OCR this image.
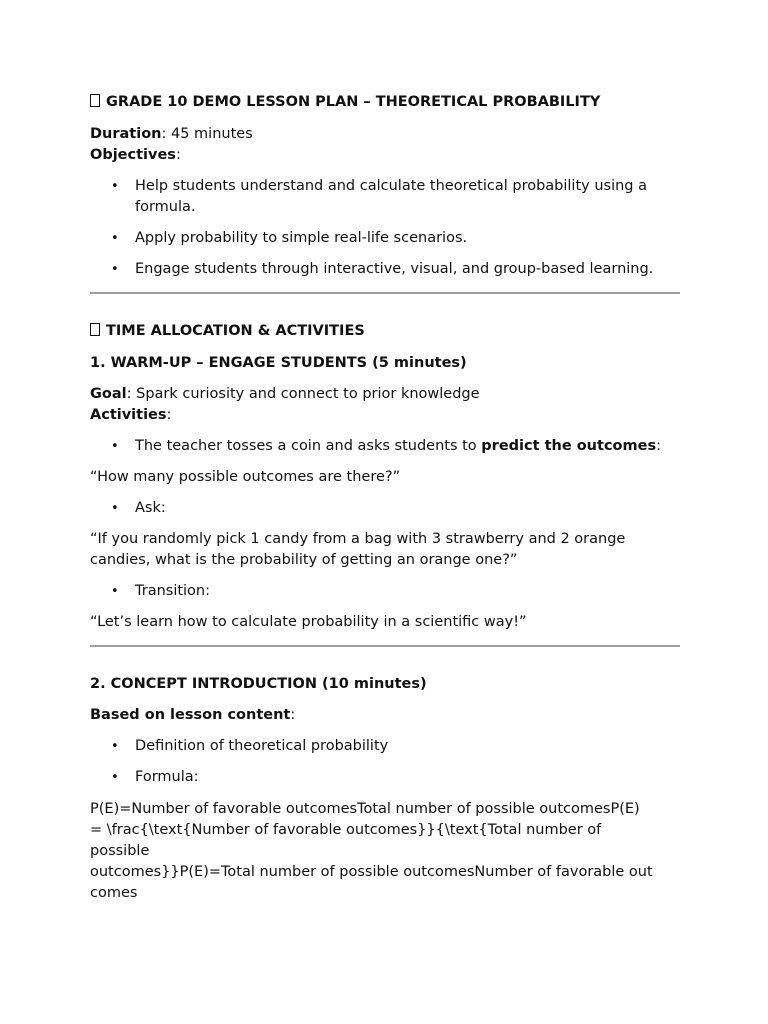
GRADE 10 DEMO LESSON PLAN – THEORETICAL PROBABILITY

Duration: 45 minutes

Objectives:

• Help students understand and calculate theoretical probability using a formula.
• Apply probability to simple real-life scenarios.
• Engage students through interactive, visual, and group-based learning.

TIME ALLOCATION & ACTIVITIES

1. WARM-UP – ENGAGE STUDENTS (5 minutes)

Goal: Spark curiosity and connect to prior knowledge

Activities:

• The teacher tosses a coin and asks students to predict the outcomes:

“How many possible outcomes are there?”

• Ask:

“If you randomly pick 1 candy from a bag with 3 strawberry and 2 orange candies, what is the probability of getting an orange one?”

• Transition:

“Let’s learn how to calculate probability in a scientific way!”

2. CONCEPT INTRODUCTION (10 minutes)

Based on lesson content:

• Definition of theoretical probability
• Formula:

P(E)=Number of favorable outcomesTotal number of possible outcomesP(E)

= \frac{\text{Number of favorable outcomes}}{\text{Total number of

possible

outcomes}}P(E)=Total number of possible outcomesNumber of favorable out

comes
